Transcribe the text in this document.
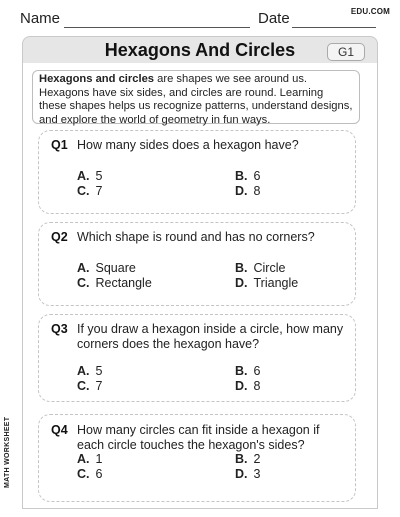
Name	Date	EDU.COM
MATH WORKSHEET
Hexagons And Circles	G1
Hexagons and circles are shapes we see around us. Hexagons have six sides, and circles are round. Learning these shapes helps us recognize patterns, understand designs, and explore the world of geometry in fun ways.
Q1 How many sides does a hexagon have?
A. 5	B. 6
C. 7	D. 8
Q2 Which shape is round and has no corners?
A. Square	B. Circle
C. Rectangle	D. Triangle
Q3 If you draw a hexagon inside a circle, how many corners does the hexagon have?
A. 5	B. 6
C. 7	D. 8
Q4 How many circles can fit inside a hexagon if each circle touches the hexagon's sides?
A. 1	B. 2
C. 6	D. 3
